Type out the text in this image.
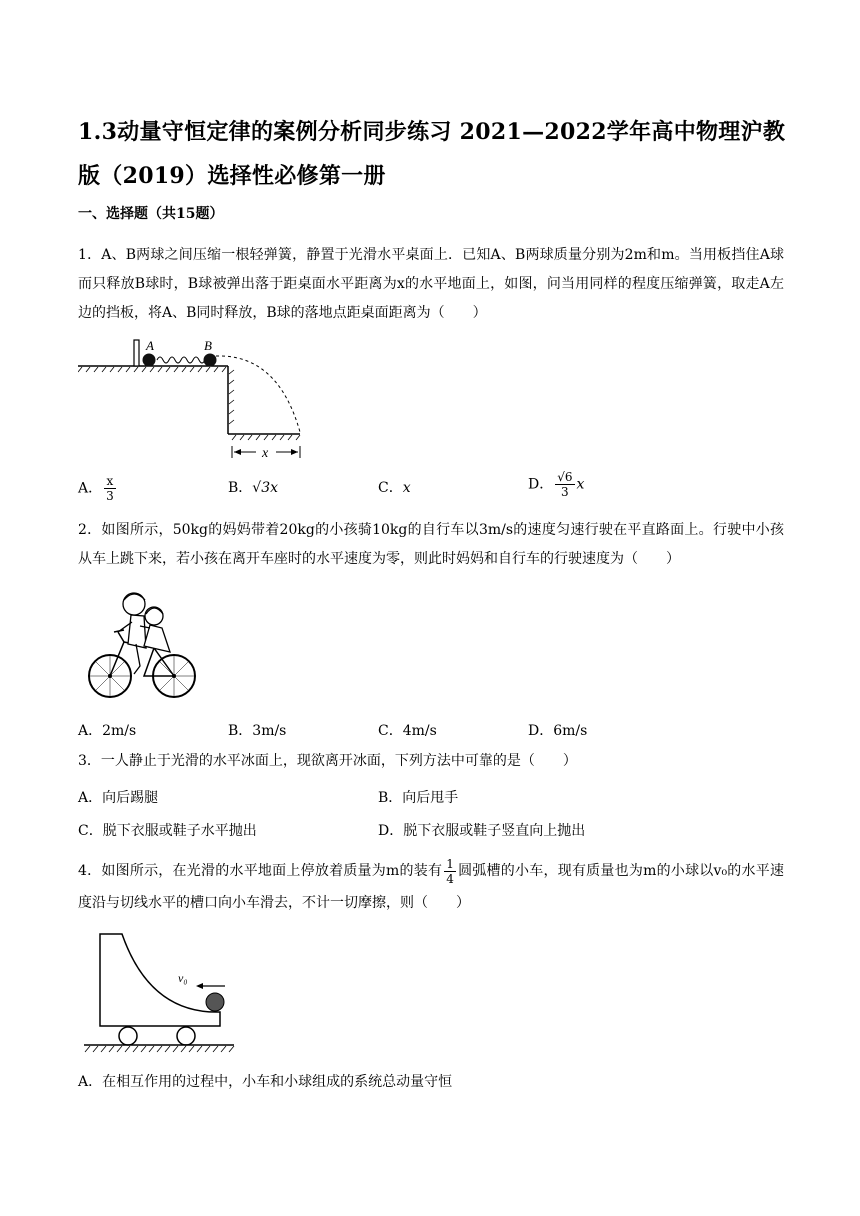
1.3动量守恒定律的案例分析同步练习 2021—2022学年高中物理沪教版（2019）选择性必修第一册
一、选择题（共15题）
1．A、B两球之间压缩一根轻弹簧，静置于光滑水平桌面上．已知A、B两球质量分别为2m和m。当用板挡住A球而只释放B球时，B球被弹出落于距桌面水平距离为x的水平地面上，如图，问当用同样的程度压缩弹簧，取走A左边的挡板，将A、B同时释放，B球的落地点距桌面距离为（　　）
A	B
x
A． $\frac{x}{3}$	B．√3x	C．x	D． $\frac{√6}{3}$ x
2．如图所示，50kg的妈妈带着20kg的小孩骑10kg的自行车以3m/s的速度匀速行驶在平直路面上。行驶中小孩从车上跳下来，若小孩在离开车座时的水平速度为零，则此时妈妈和自行车的行驶速度为（　　）
A．2m/s	B．3m/s	C．4m/s	D．6m/s
3．一人静止于光滑的水平冰面上，现欲离开冰面，下列方法中可靠的是（　　）
A．向后踢腿	B．向后甩手
C．脱下衣服或鞋子水平抛出	D．脱下衣服或鞋子竖直向上抛出
4．如图所示，在光滑的水平地面上停放着质量为m的装有 $\frac{1}{4}$ 圆弧槽的小车，现有质量也为m的小球以v₀的水平速度沿与切线水平的槽口向小车滑去，不计一切摩擦，则（　　）
v₀
A．在相互作用的过程中，小车和小球组成的系统总动量守恒
